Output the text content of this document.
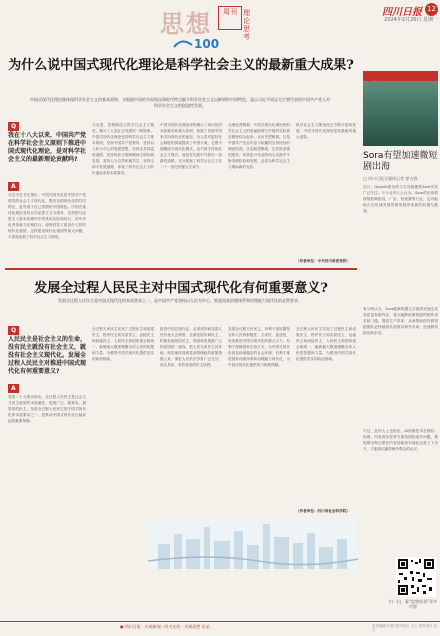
思想	周刊 理论 思考
四川日报 12
2024年2月26日 星期一
100
为什么说中国式现代化理论是科学社会主义的最新重大成果?
中国式现代化理论既体现科学社会主义的基本原则，又根据中国的实际情况和时代特点赋予科学社会主义以鲜明的中国特色，是以习近平同志为主要代表的中国共产党人对科学社会主义的创造性发展。
Q
我在十八大以来，中国共产党在科学社会主义原则下推进中国式现代化理论，是对科学社会主义的最新理论贡献吗?
A
习近平总书记指出，中国式现代化是中国共产党领导的社会主义现代化，既有各国现代化的共同特征，更有基于自己国情的中国特色。中国式现代化理论坚持以马克思主义为指导，坚持把马克思主义基本原理同中国具体实际相结合、同中华优秀传统文化相结合，深刻回答了建设什么样的现代化强国、怎样建设现代化强国等重大问题，丰富和发展了科学社会主义理论。
马克思、恩格斯创立科学社会主义理论，揭示了人类社会发展的一般规律。中国式现代化理论坚持科学社会主义基本原则，坚持中国共产党领导，坚持以人民为中心的发展思想，坚持走共同富裕道路，坚持物质文明和精神文明协调发展，坚持人与自然和谐共生，坚持走和平发展道路，体现了科学社会主义的价值追求和本质要求。
中国式现代化理论深刻揭示了现代化的本质要求和重大原则，拓展了发展中国家走向现代化的途径，为人类对更好社会制度的探索提供了中国方案。它既不照搬西方现代化模式，也不固守传统社会主义模式，而是在实践中开辟出一条新的道路，充分展现了科学社会主义在二十一世纪的强大生命力。
从理论逻辑看，中国式现代化理论把科学社会主义的普遍原理与中国的实际情况紧密结合起来；从历史逻辑看，它是中国共产党百年奋斗积累的宝贵经验的理论结晶；从实践逻辑看，它在推进强国建设、民族复兴伟业的伟大实践中不断得到检验和发展，必将为科学社会主义增添新的光彩。
科学社会主义理论经过不断丰富和发展，中国式现代化理论是其最新的重大成果。
（作者单位：中共四川省委党校）
发展全过程人民民主对中国式现代化有何重要意义?
发展全过程人民民主是中国式现代化的本质要求之一，是中国共产党坚持以人民为中心、推进国家治理体系和治理能力现代化的必然要求。
Q
人民民主是社会主义的生命，没有民主就没有社会主义，就没有社会主义现代化。发展全过程人民民主对推进中国式现代化有何重要意义?
A
党的二十大报告指出，全过程人民民主是社会主义民主政治的本质属性，是最广泛、最真实、最管用的民主。发展全过程人民民主是中国式现代化的本质要求之一，是推动中国式现代化行稳致远的重要保障。
全过程人民民主实现了过程民主和成果民主、程序民主和实质民主、直接民主和间接民主、人民民主和国家意志相统一，能够最大限度凝聚全体人民的智慧和力量，为推进中国式现代化提供坚实的政治基础。
推进中国式现代化，必须坚持和完善人民代表大会制度，全面发展协商民主，积极发展基层民主，巩固和发展最广泛的爱国统一战线，把人民当家作主具体地、现实地体现到党治国理政的政策措施上来，保证人民依法享有广泛充分、真实具体、有效管用的民主权利。
发展全过程人民民主，有利于更好激发全体人民的积极性、主动性、创造性，形成推进中国式现代化的强大合力；有利于保障国家长治久安，为中国式现代化营造和谐稳定的社会环境；有利于推进国家治理体系和治理能力现代化，为中国式现代化提供有力制度保障。
全过程人民民主实现了过程民主和成果民主、程序民主和实质民主、直接民主和间接民主、人民民主和国家意志相统一，能够最大限度凝聚全体人民的智慧和力量，为推进中国式现代化提供坚实的政治基础。
（作者单位：四川省社会科学院）
Sora有望加速微短剧出海
□ 四川日报全媒体记者 徐占群
近日，OpenAI推出的文生视频模型Sora引发广泛关注。不少业内人士认为，Sora的出现将深刻影响影视、广告、短视频等行业，也可能给正在快速发展的微短剧带来新的机遇与挑战。
有分析认为，Sora能够根据文字描述快速生成高质量视频内容，将大幅降低微短剧的制作成本和门槛，提高生产效率，从而帮助国内微短剧团队更快地将作品推向海外市场，加速微短剧出海步伐。
不过，业内人士也指出，AI视频技术在版权、伦理、内容真实性等方面仍面临诸多问题，微短剧出海还需在内容创新和本地化运营上下功夫，才能真正赢得海外观众的认可。
扫一扫，看“思想周刊”更多内容
● 四川日报 · 川观新闻 · 四川在线 · 川观思想 出品	责任编辑 田甜 版式设计 王立 视觉设计 吴天
